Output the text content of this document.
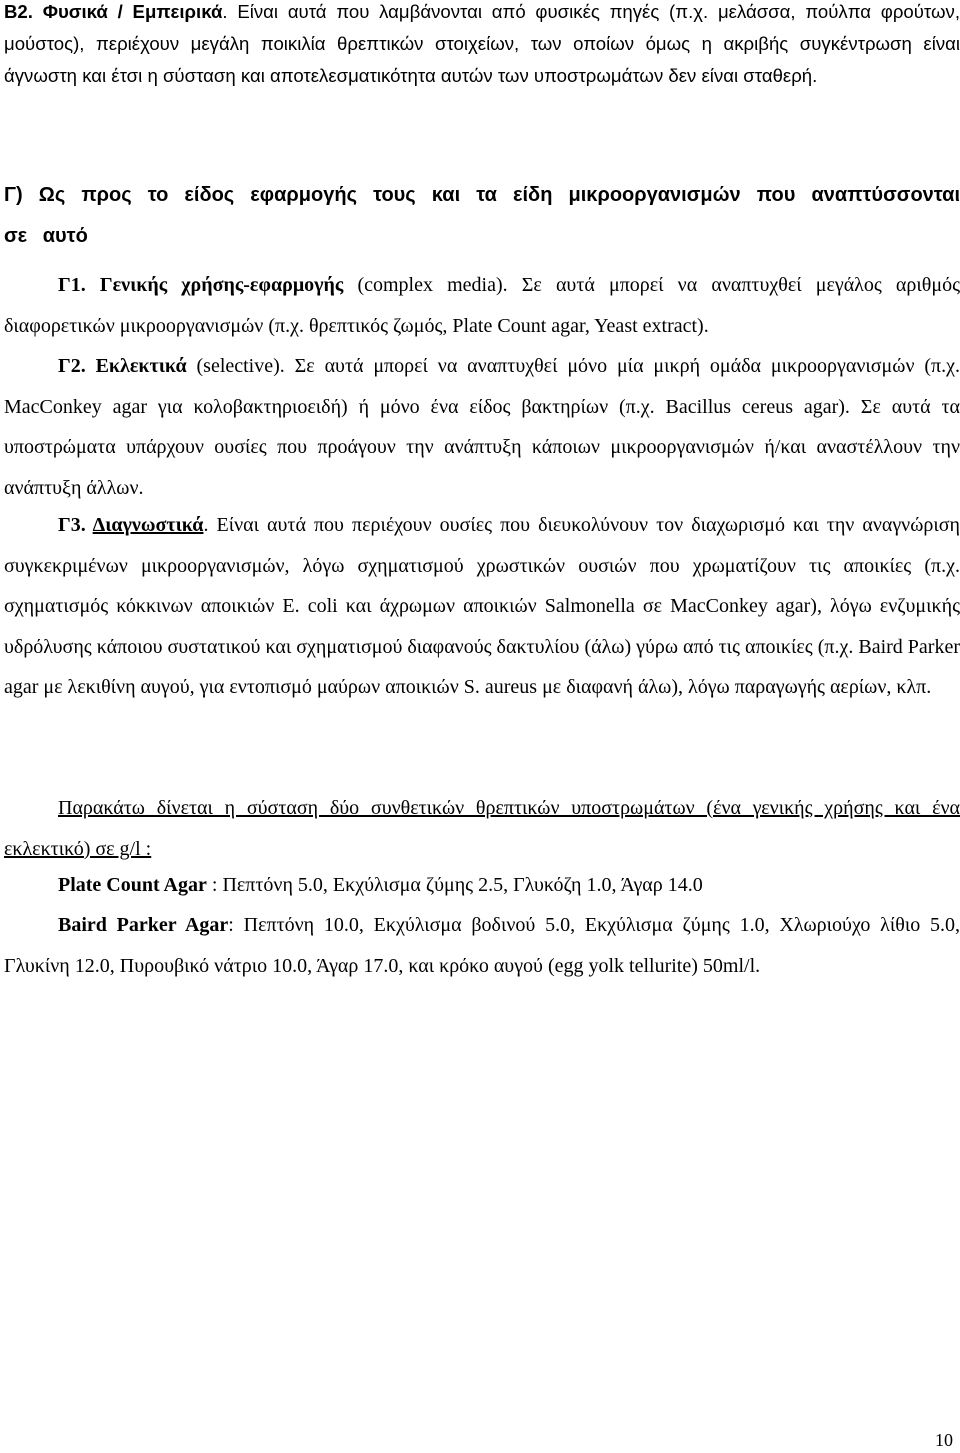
Β2. Φυσικά / Εμπειρικά. Είναι αυτά που λαμβάνονται από φυσικές πηγές (π.χ. μελάσσα, πούλπα φρούτων, μούστος), περιέχουν μεγάλη ποικιλία θρεπτικών στοιχείων, των οποίων όμως η ακριβής συγκέντρωση είναι άγνωστη και έτσι η σύσταση και αποτελεσματικότητα αυτών των υποστρωμάτων δεν είναι σταθερή.

Γ) Ως προς το είδος εφαρμογής τους και τα είδη μικροοργανισμών που αναπτύσσονται σε αυτό

Γ1. Γενικής χρήσης-εφαρμογής (complex media). Σε αυτά μπορεί να αναπτυχθεί μεγάλος αριθμός διαφορετικών μικροοργανισμών (π.χ. θρεπτικός ζωμός, Plate Count agar, Yeast extract).

Γ2. Εκλεκτικά (selective). Σε αυτά μπορεί να αναπτυχθεί μόνο μία μικρή ομάδα μικροοργανισμών (π.χ. MacConkey agar για κολοβακτηριοειδή) ή μόνο ένα είδος βακτηρίων (π.χ. Bacillus cereus agar). Σε αυτά τα υποστρώματα υπάρχουν ουσίες που προάγουν την ανάπτυξη κάποιων μικροοργανισμών ή/και αναστέλλουν την ανάπτυξη άλλων.

Γ3. Διαγνωστικά. Είναι αυτά που περιέχουν ουσίες που διευκολύνουν τον διαχωρισμό και την αναγνώριση συγκεκριμένων μικροοργανισμών, λόγω σχηματισμού χρωστικών ουσιών που χρωματίζουν τις αποικίες (π.χ. σχηματισμός κόκκινων αποικιών E. coli και άχρωμων αποικιών Salmonella σε MacConkey agar), λόγω ενζυμικής υδρόλυσης κάποιου συστατικού και σχηματισμού διαφανούς δακτυλίου (άλω) γύρω από τις αποικίες (π.χ. Baird Parker agar με λεκιθίνη αυγού, για εντοπισμό μαύρων αποικιών S. aureus με διαφανή άλω), λόγω παραγωγής αερίων, κλπ.

Παρακάτω δίνεται η σύσταση δύο συνθετικών θρεπτικών υποστρωμάτων (ένα γενικής χρήσης και ένα εκλεκτικό) σε g/l :

Plate Count Agar : Πεπτόνη 5.0, Εκχύλισμα ζύμης 2.5, Γλυκόζη 1.0, Άγαρ 14.0

Baird Parker Agar: Πεπτόνη 10.0, Εκχύλισμα βοδινού 5.0, Εκχύλισμα ζύμης 1.0, Χλωριούχο λίθιο 5.0, Γλυκίνη 12.0, Πυρουβικό νάτριο 10.0, Άγαρ 17.0, και κρόκο αυγού (egg yolk tellurite) 50ml/l.

10
